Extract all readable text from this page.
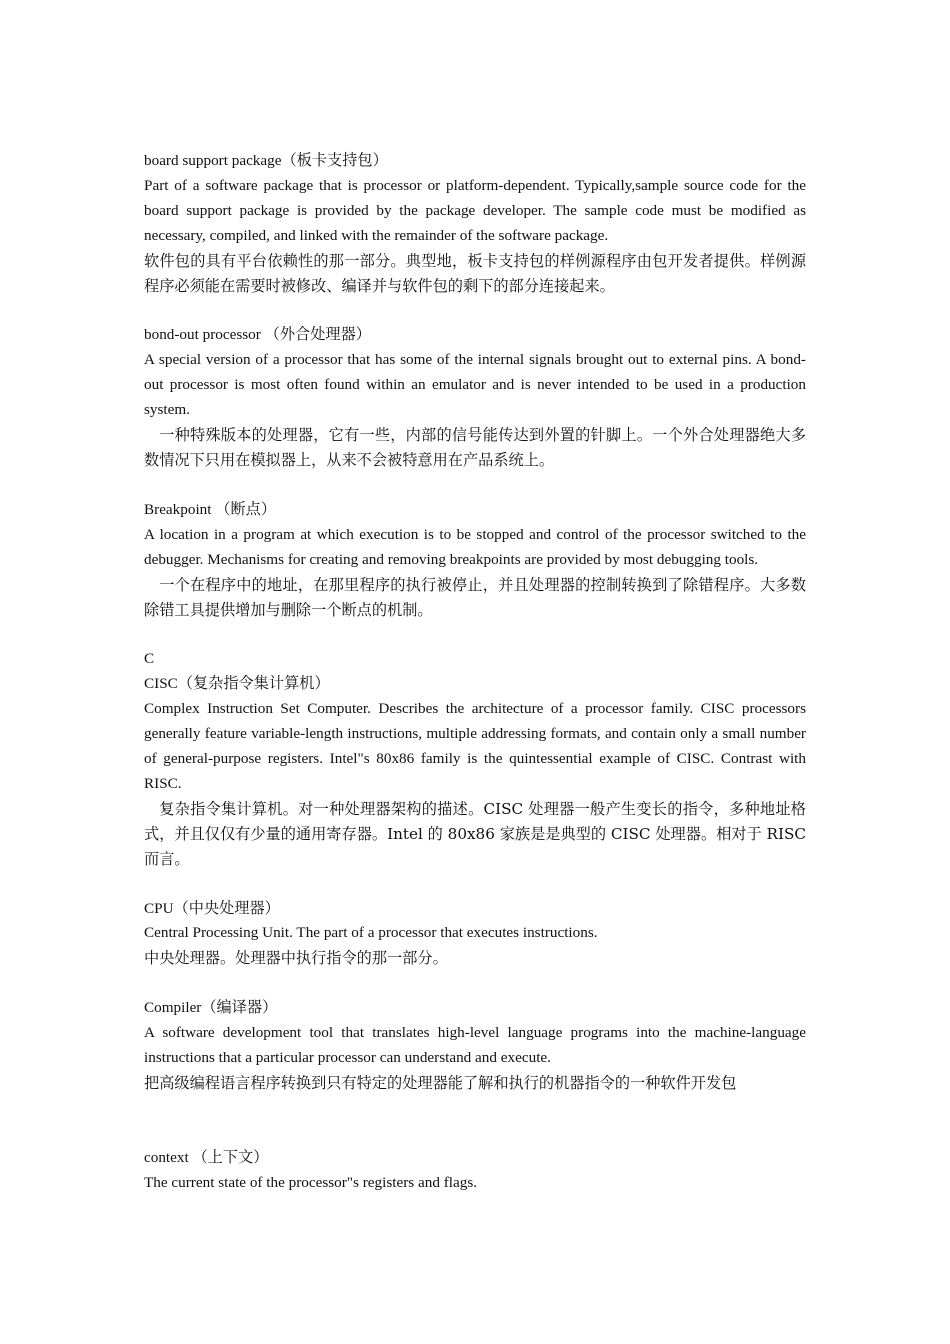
board support package（板卡支持包）

Part of a software package that is processor or platform-dependent. Typically,sample source code for the board support package is provided by the package developer. The sample code must be modified as necessary, compiled, and linked with the remainder of the software package.

软件包的具有平台依赖性的那一部分。典型地，板卡支持包的样例源程序由包开发者提供。样例源程序必须能在需要时被修改、编译并与软件包的剩下的部分连接起来。

bond-out processor （外合处理器）

A special version of a processor that has some of the internal signals brought out to external pins. A bond-out processor is most often found within an emulator and is never intended to be used in a production system.

一种特殊版本的处理器，它有一些，内部的信号能传达到外置的针脚上。一个外合处理器绝大多数情况下只用在模拟器上，从来不会被特意用在产品系统上。

Breakpoint （断点）

A location in a program at which execution is to be stopped and control of the processor switched to the debugger. Mechanisms for creating and removing breakpoints are provided by most debugging tools.

一个在程序中的地址，在那里程序的执行被停止，并且处理器的控制转换到了除错程序。大多数除错工具提供增加与删除一个断点的机制。

C

CISC（复杂指令集计算机）

Complex Instruction Set Computer. Describes the architecture of a processor family. CISC processors generally feature variable-length instructions, multiple addressing formats, and contain only a small number of general-purpose registers. Intel"s 80x86 family is the quintessential example of CISC. Contrast with RISC.

复杂指令集计算机。对一种处理器架构的描述。CISC 处理器一般产生变长的指令，多种地址格式，并且仅仅有少量的通用寄存器。Intel 的 80x86 家族是是典型的 CISC 处理器。相对于 RISC 而言。

CPU（中央处理器）

Central Processing Unit. The part of a processor that executes instructions.

中央处理器。处理器中执行指令的那一部分。

Compiler（编译器）

A software development tool that translates high-level language programs into the machine-language instructions that a particular processor can understand and execute.

把高级编程语言程序转换到只有特定的处理器能了解和执行的机器指令的一种软件开发包

context （上下文）

The current state of the processor"s registers and flags.
